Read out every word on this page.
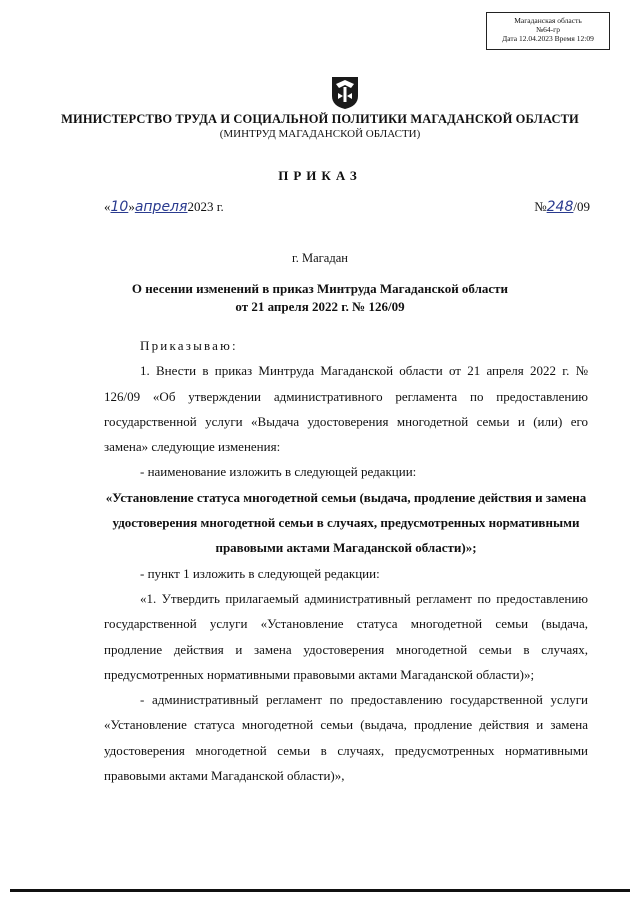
Магаданская область
№64-гр
Дата 12.04.2023 Время 12:09
МИНИСТЕРСТВО ТРУДА И СОЦИАЛЬНОЙ ПОЛИТИКИ МАГАДАНСКОЙ ОБЛАСТИ
(МИНТРУД МАГАДАНСКОЙ ОБЛАСТИ)
ПРИКАЗ
«10»апреля2023 г.	№248/09
г. Магадан
О несении изменений в приказ Минтруда Магаданской области
от 21 апреля 2022 г. № 126/09

Приказываю:

1. Внести в приказ Минтруда Магаданской области от 21 апреля 2022 г. № 126/09 «Об утверждении административного регламента по предоставлению государственной услуги «Выдача удостоверения многодетной семьи и (или) его замена» следующие изменения:

- наименование изложить в следующей редакции:

«Установление статуса многодетной семьи (выдача, продление действия и замена удостоверения многодетной семьи в случаях, предусмотренных нормативными правовыми актами Магаданской области)»;

- пункт 1 изложить в следующей редакции:

«1. Утвердить прилагаемый административный регламент по предоставлению государственной услуги «Установление статуса многодетной семьи (выдача, продление действия и замена удостоверения многодетной семьи в случаях, предусмотренных нормативными правовыми актами Магаданской области)»;

- административный регламент по предоставлению государственной услуги «Установление статуса многодетной семьи (выдача, продление действия и замена удостоверения многодетной семьи в случаях, предусмотренных нормативными правовыми актами Магаданской области)»,
